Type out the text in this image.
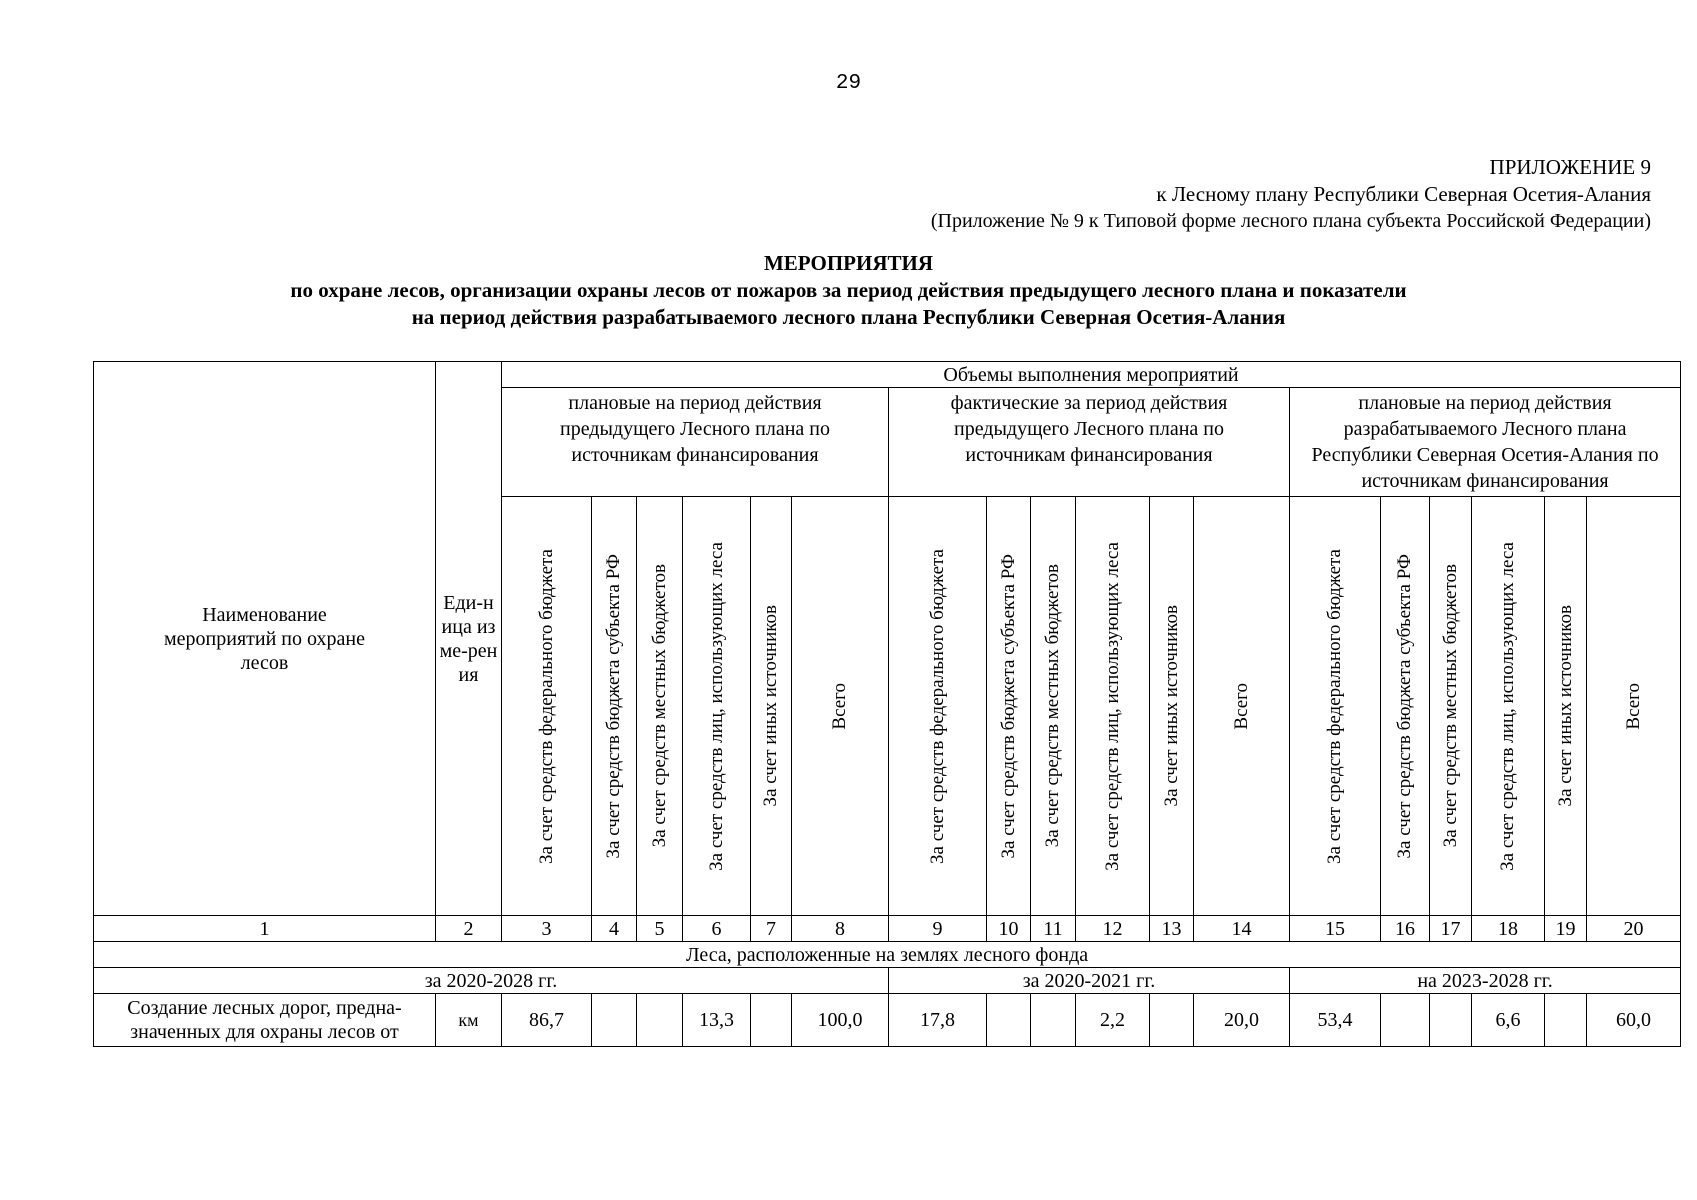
29
ПРИЛОЖЕНИЕ 9
к Лесному плану Республики Северная Осетия-Алания
(Приложение № 9 к Типовой форме лесного плана субъекта Российской Федерации)
МЕРОПРИЯТИЯ
по охране лесов, организации охраны лесов от пожаров за период действия предыдущего лесного плана и показатели
на период действия разрабатываемого лесного плана Республики Северная Осетия-Алания
Наименование мероприятий по охране лесов	Еди-ница изме-рения	Объемы выполнения мероприятий																	
		плановые на период действия предыдущего Лесного плана по источникам финансирования						фактические за период действия предыдущего Лесного плана по источникам финансирования						плановые на период действия разрабатываемого Лесного плана Республики Северная Осетия-Алания по источникам финансирования					

		За счет средств федерального бюджета	За счет средств бюджета субъекта РФ	За счет средств местных бюджетов	За счет средств лиц, использующих леса	За счет иных источников	Всего	За счет средств федерального бюджета	За счет средств бюджета субъекта РФ	За счет средств местных бюджетов	За счет средств лиц, использующих леса	За счет иных источников	Всего	За счет средств федерального бюджета	За счет средств бюджета субъекта РФ	За счет средств местных бюджетов	За счет средств лиц, использующих леса	За счет иных источников	Всего

1	2	3	4	5	6	7	8	9	10	11	12	13	14	15	16	17	18	19	20
Леса, расположенные на землях лесного фонда																			
за 2020-2028 гг.								за 2020-2021 гг.						на 2023-2028 гг.					
Создание лесных дорог, предна-значенных для охраны лесов от	км	86,7			13,3		100,0	17,8			2,2		20,0	53,4			6,6		60,0
